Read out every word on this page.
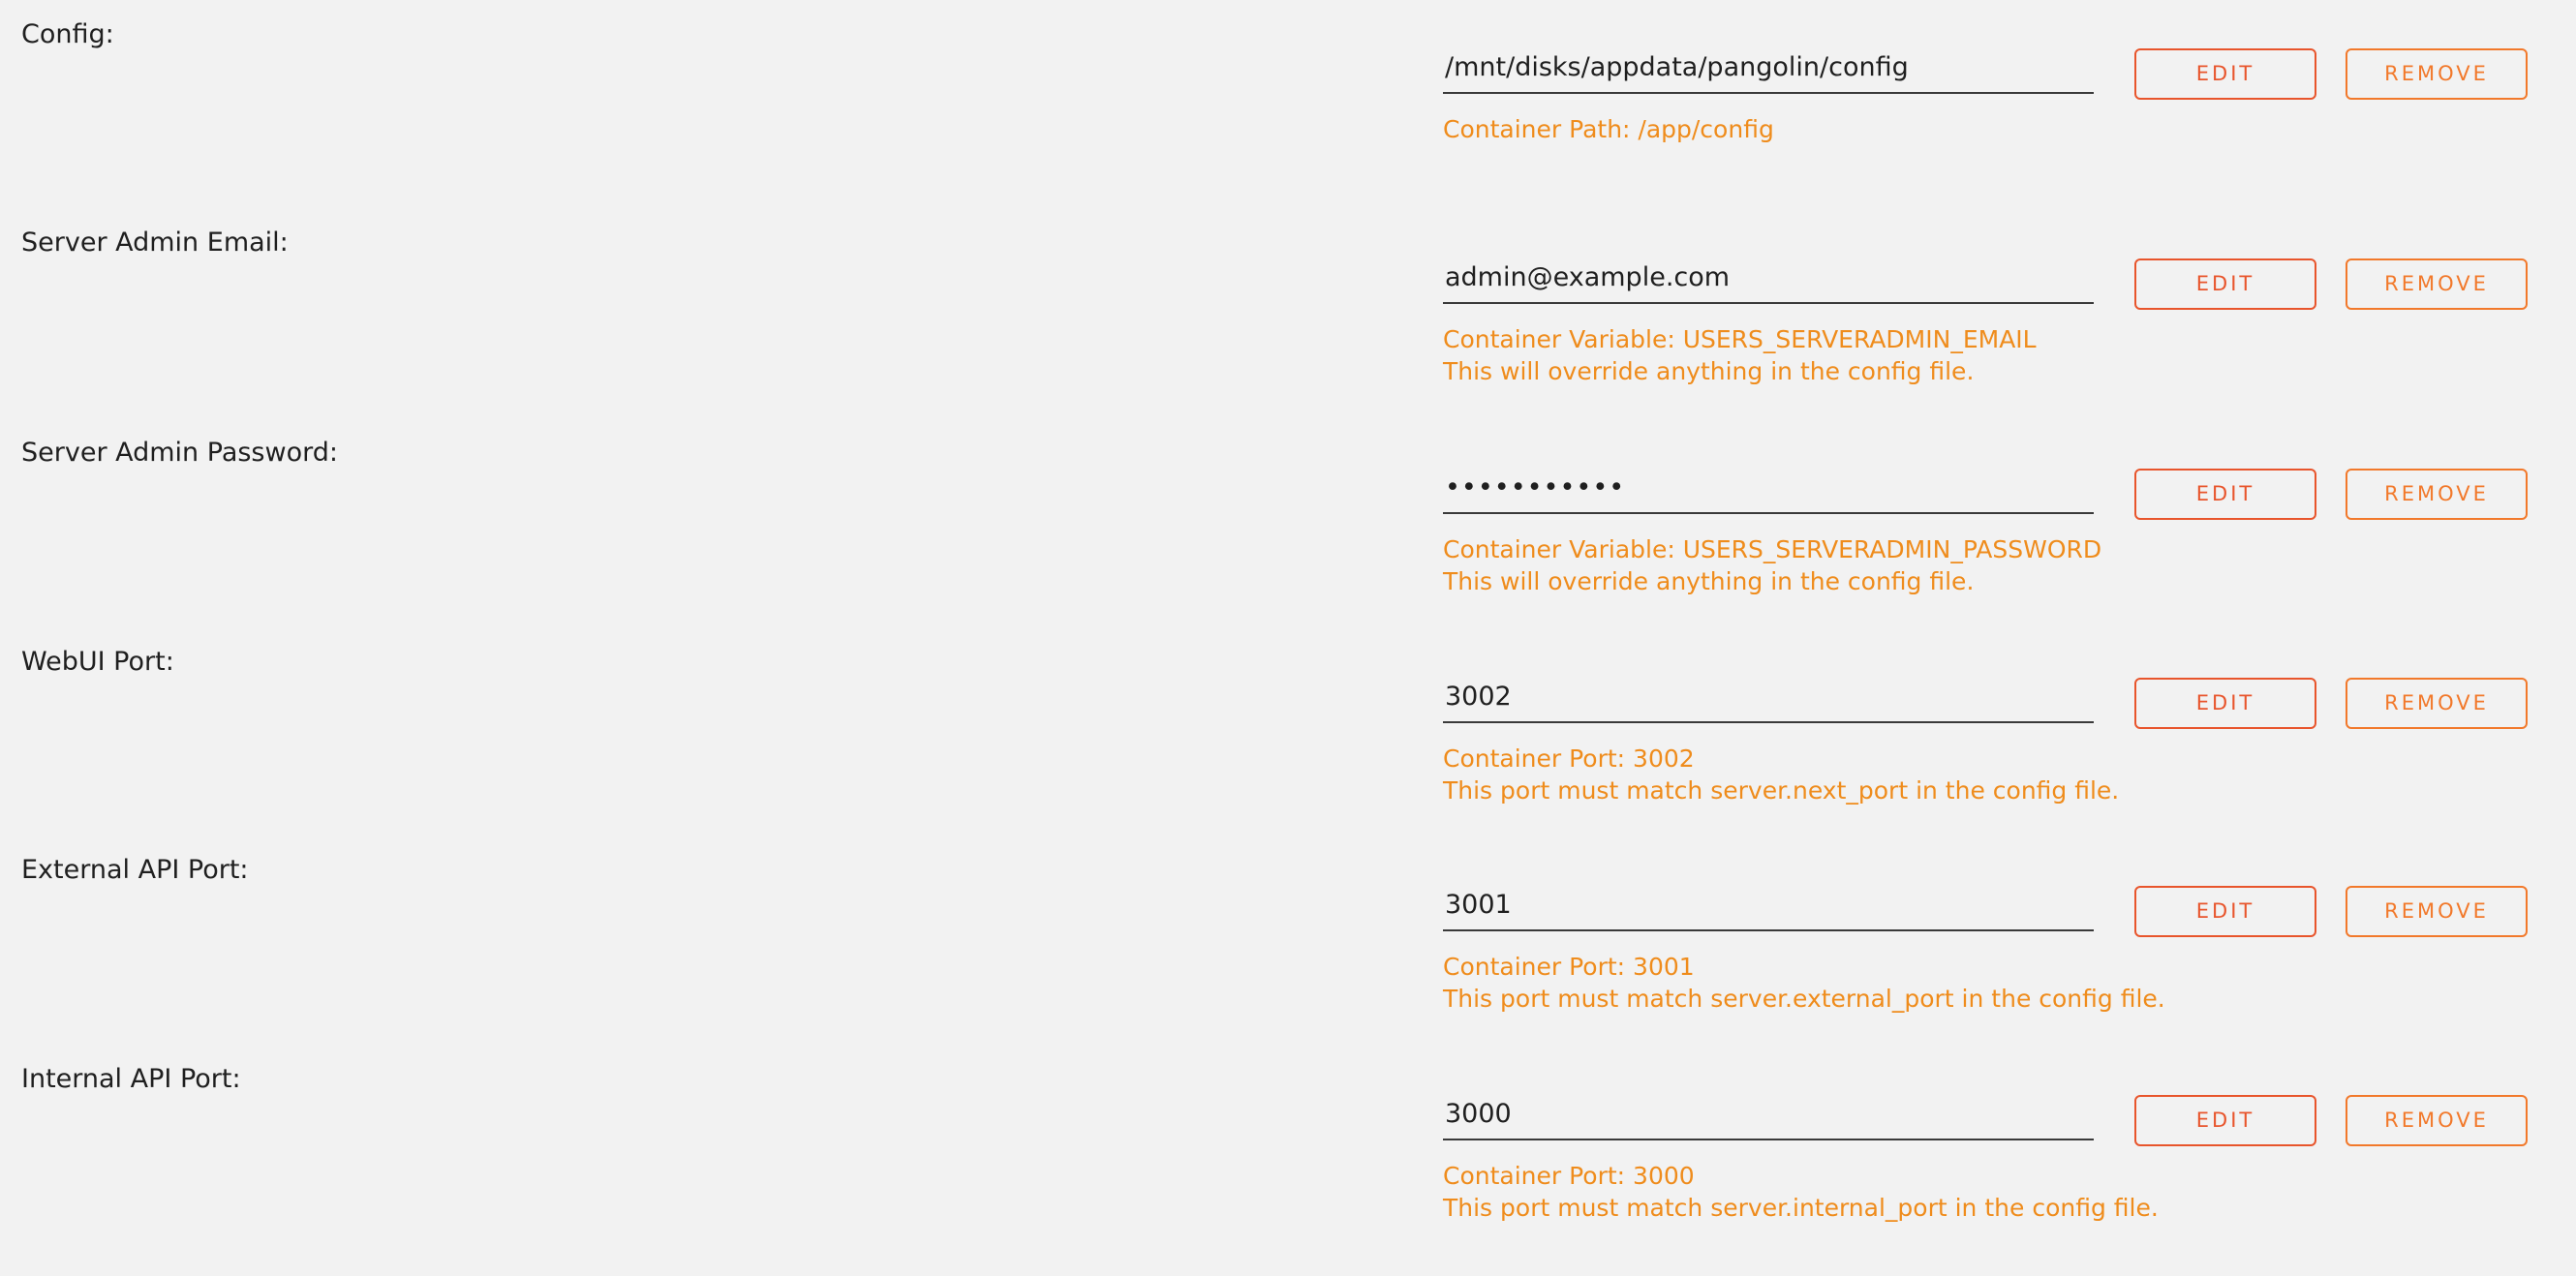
Config:
/mnt/disks/appdata/pangolin/config
Container Path: /app/config
EDIT	REMOVE
Server Admin Email:
admin@example.com
Container Variable: USERS_SERVERADMIN_EMAIL
This will override anything in the config file.
EDIT	REMOVE
Server Admin Password:
•••••••••••
Container Variable: USERS_SERVERADMIN_PASSWORD
This will override anything in the config file.
EDIT	REMOVE
WebUI Port:
3002
Container Port: 3002
This port must match server.next_port in the config file.
EDIT	REMOVE
External API Port:
3001
Container Port: 3001
This port must match server.external_port in the config file.
EDIT	REMOVE
Internal API Port:
3000
Container Port: 3000
This port must match server.internal_port in the config file.
EDIT	REMOVE
